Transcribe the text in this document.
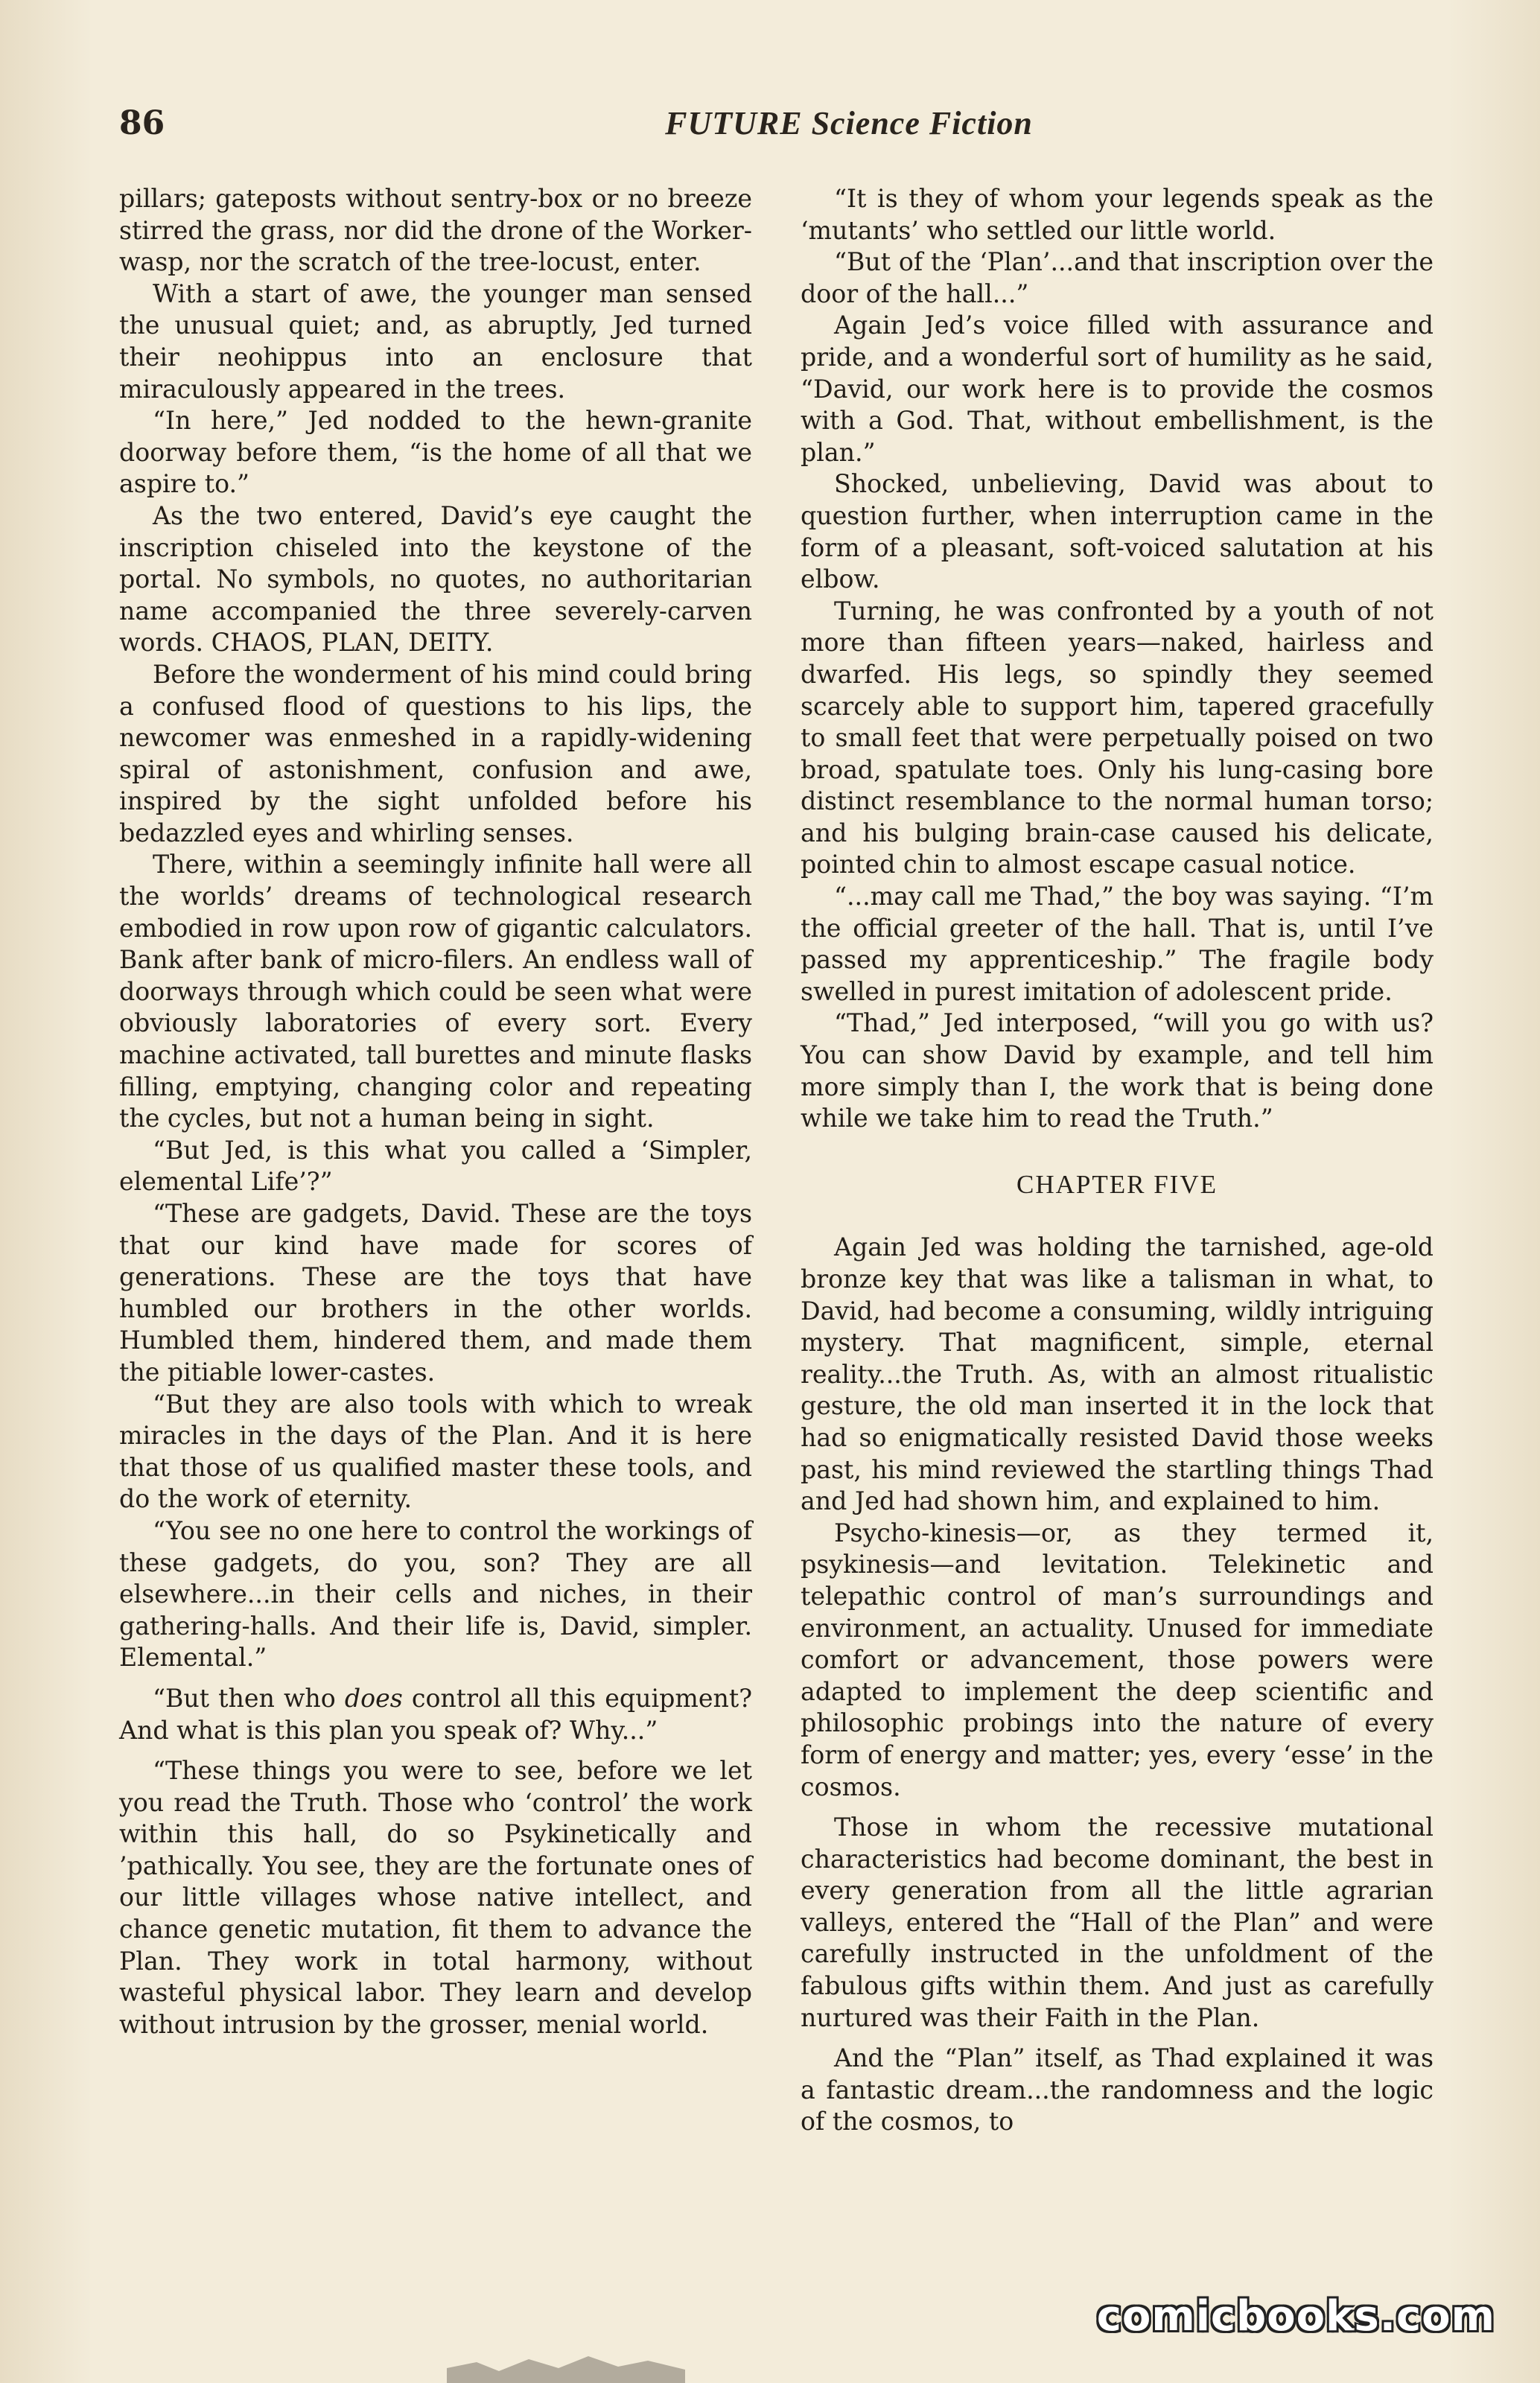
86	FUTURE Science Fiction

pillars; gateposts without sentry-box or no breeze stirred the grass, nor did the drone of the Worker-wasp, nor the scratch of the tree-locust, enter.

With a start of awe, the younger man sensed the unusual quiet; and, as abruptly, Jed turned their neohippus into an enclosure that miraculously appeared in the trees.

“In here,” Jed nodded to the hewn-granite doorway before them, “is the home of all that we aspire to.”

As the two entered, David’s eye caught the inscription chiseled into the keystone of the portal. No symbols, no quotes, no authoritarian name accompanied the three severely-carven words. CHAOS, PLAN, DEITY.

Before the wonderment of his mind could bring a confused flood of questions to his lips, the newcomer was enmeshed in a rapidly-widening spiral of astonishment, confusion and awe, inspired by the sight unfolded before his bedazzled eyes and whirling senses.

There, within a seemingly infinite hall were all the worlds’ dreams of technological research embodied in row upon row of gigantic calculators. Bank after bank of micro-filers. An endless wall of doorways through which could be seen what were obviously laboratories of every sort. Every machine activated, tall burettes and minute flasks filling, emptying, changing color and repeating the cycles, but not a human being in sight.

“But Jed, is this what you called a ‘Simpler, elemental Life’?”

“These are gadgets, David. These are the toys that our kind have made for scores of generations. These are the toys that have humbled our brothers in the other worlds. Humbled them, hindered them, and made them the pitiable lower-castes.

“But they are also tools with which to wreak miracles in the days of the Plan. And it is here that those of us qualified master these tools, and do the work of eternity.

“You see no one here to control the workings of these gadgets, do you, son? They are all elsewhere...in their cells and niches, in their gathering-halls. And their life is, David, simpler. Elemental.”

“But then who does control all this equipment? And what is this plan you speak of? Why...”

“These things you were to see, before we let you read the Truth. Those who ‘control’ the work within this hall, do so Psykinetically and ’pathically. You see, they are the fortunate ones of our little villages whose native intellect, and chance genetic mutation, fit them to advance the Plan. They work in total harmony, without wasteful physical labor. They learn and develop without intrusion by the grosser, menial world.

“It is they of whom your legends speak as the ‘mutants’ who settled our little world.

“But of the ‘Plan’...and that inscription over the door of the hall...”

Again Jed’s voice filled with assurance and pride, and a wonderful sort of humility as he said, “David, our work here is to provide the cosmos with a God. That, without embellishment, is the plan.”

Shocked, unbelieving, David was about to question further, when interruption came in the form of a pleasant, soft-voiced salutation at his elbow.

Turning, he was confronted by a youth of not more than fifteen years—naked, hairless and dwarfed. His legs, so spindly they seemed scarcely able to support him, tapered gracefully to small feet that were perpetually poised on two broad, spatulate toes. Only his lung-casing bore distinct resemblance to the normal human torso; and his bulging brain-case caused his delicate, pointed chin to almost escape casual notice.

“...may call me Thad,” the boy was saying. “I’m the official greeter of the hall. That is, until I’ve passed my apprenticeship.” The fragile body swelled in purest imitation of adolescent pride.

“Thad,” Jed interposed, “will you go with us? You can show David by example, and tell him more simply than I, the work that is being done while we take him to read the Truth.”

CHAPTER FIVE

Again Jed was holding the tarnished, age-old bronze key that was like a talisman in what, to David, had become a consuming, wildly intriguing mystery. That magnificent, simple, eternal reality...the Truth. As, with an almost ritualistic gesture, the old man inserted it in the lock that had so enigmatically resisted David those weeks past, his mind reviewed the startling things Thad and Jed had shown him, and explained to him.

Psycho-kinesis—or, as they termed it, psykinesis—and levitation. Telekinetic and telepathic control of man’s surroundings and environment, an actuality. Unused for immediate comfort or advancement, those powers were adapted to implement the deep scientific and philosophic probings into the nature of every form of energy and matter; yes, every ‘esse’ in the cosmos.

Those in whom the recessive mutational characteristics had become dominant, the best in every generation from all the little agrarian valleys, entered the “Hall of the Plan” and were carefully instructed in the unfoldment of the fabulous gifts within them. And just as carefully nurtured was their Faith in the Plan.

And the “Plan” itself, as Thad explained it was a fantastic dream...the randomness and the logic of the cosmos, to

comicbooks.com
